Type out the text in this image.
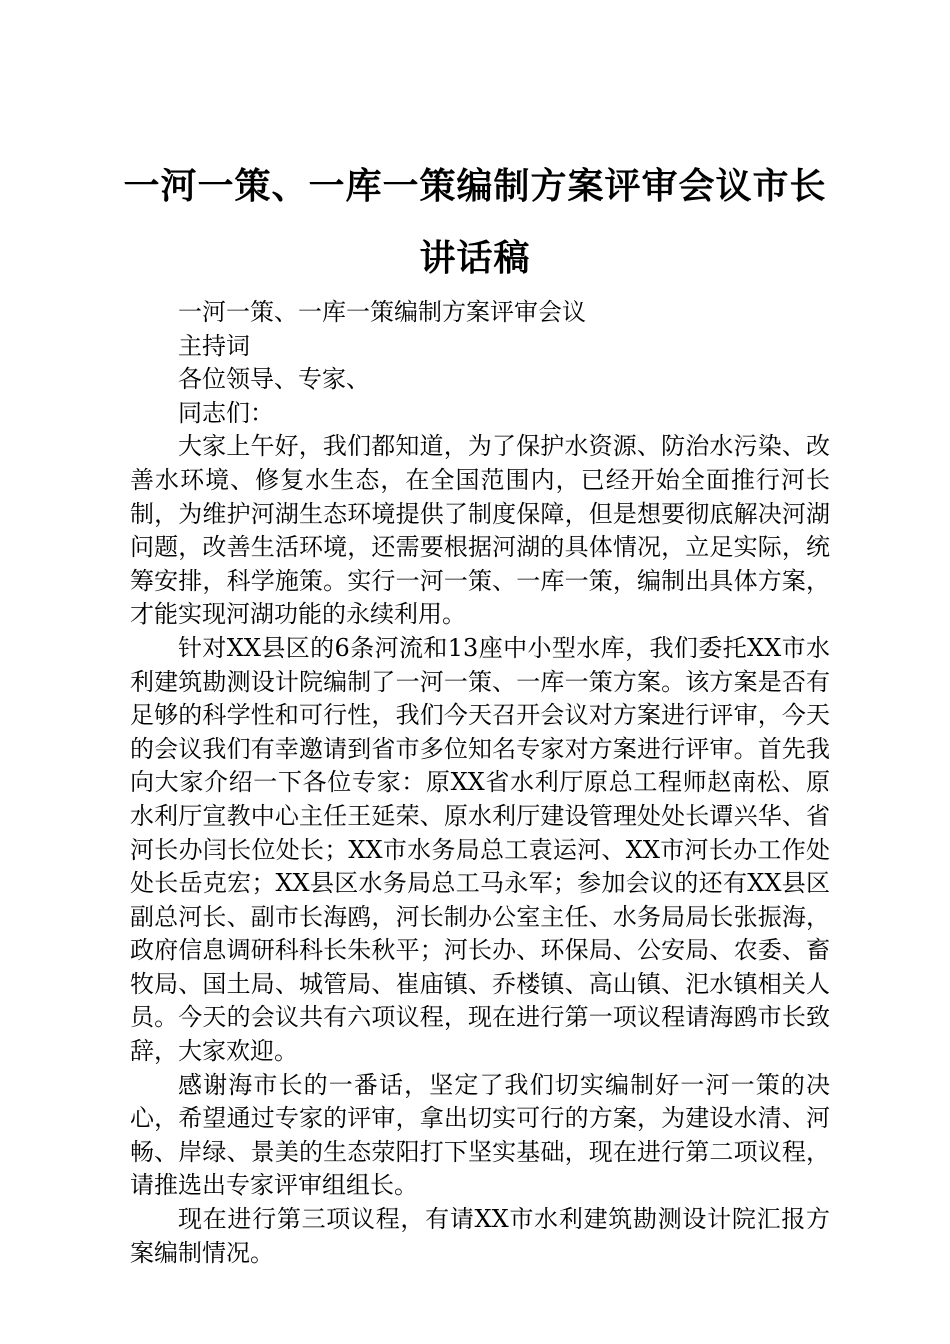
一河一策、一库一策编制方案评审会议市长讲话稿

一河一策、一库一策编制方案评审会议

主持词

各位领导、专家、

同志们：

大家上午好，我们都知道，为了保护水资源、防治水污染、改善水环境、修复水生态，在全国范围内，已经开始全面推行河长制，为维护河湖生态环境提供了制度保障，但是想要彻底解决河湖问题，改善生活环境，还需要根据河湖的具体情况，立足实际，统筹安排，科学施策。实行一河一策、一库一策，编制出具体方案，才能实现河湖功能的永续利用。

针对XX县区的6条河流和13座中小型水库，我们委托XX市水利建筑勘测设计院编制了一河一策、一库一策方案。该方案是否有足够的科学性和可行性，我们今天召开会议对方案进行评审，今天的会议我们有幸邀请到省市多位知名专家对方案进行评审。首先我向大家介绍一下各位专家：原XX省水利厅原总工程师赵南松、原水利厅宣教中心主任王延荣、原水利厅建设管理处处长谭兴华、省河长办闫长位处长；XX市水务局总工袁运河、XX市河长办工作处处长岳克宏；XX县区水务局总工马永军；参加会议的还有XX县区副总河长、副市长海鸥，河长制办公室主任、水务局局长张振海，政府信息调研科科长朱秋平；河长办、环保局、公安局、农委、畜牧局、国土局、城管局、崔庙镇、乔楼镇、高山镇、汜水镇相关人员。今天的会议共有六项议程，现在进行第一项议程请海鸥市长致辞，大家欢迎。

感谢海市长的一番话，坚定了我们切实编制好一河一策的决心，希望通过专家的评审，拿出切实可行的方案，为建设水清、河畅、岸绿、景美的生态荥阳打下坚实基础，现在进行第二项议程，请推选出专家评审组组长。

现在进行第三项议程，有请XX市水利建筑勘测设计院汇报方案编制情况。
